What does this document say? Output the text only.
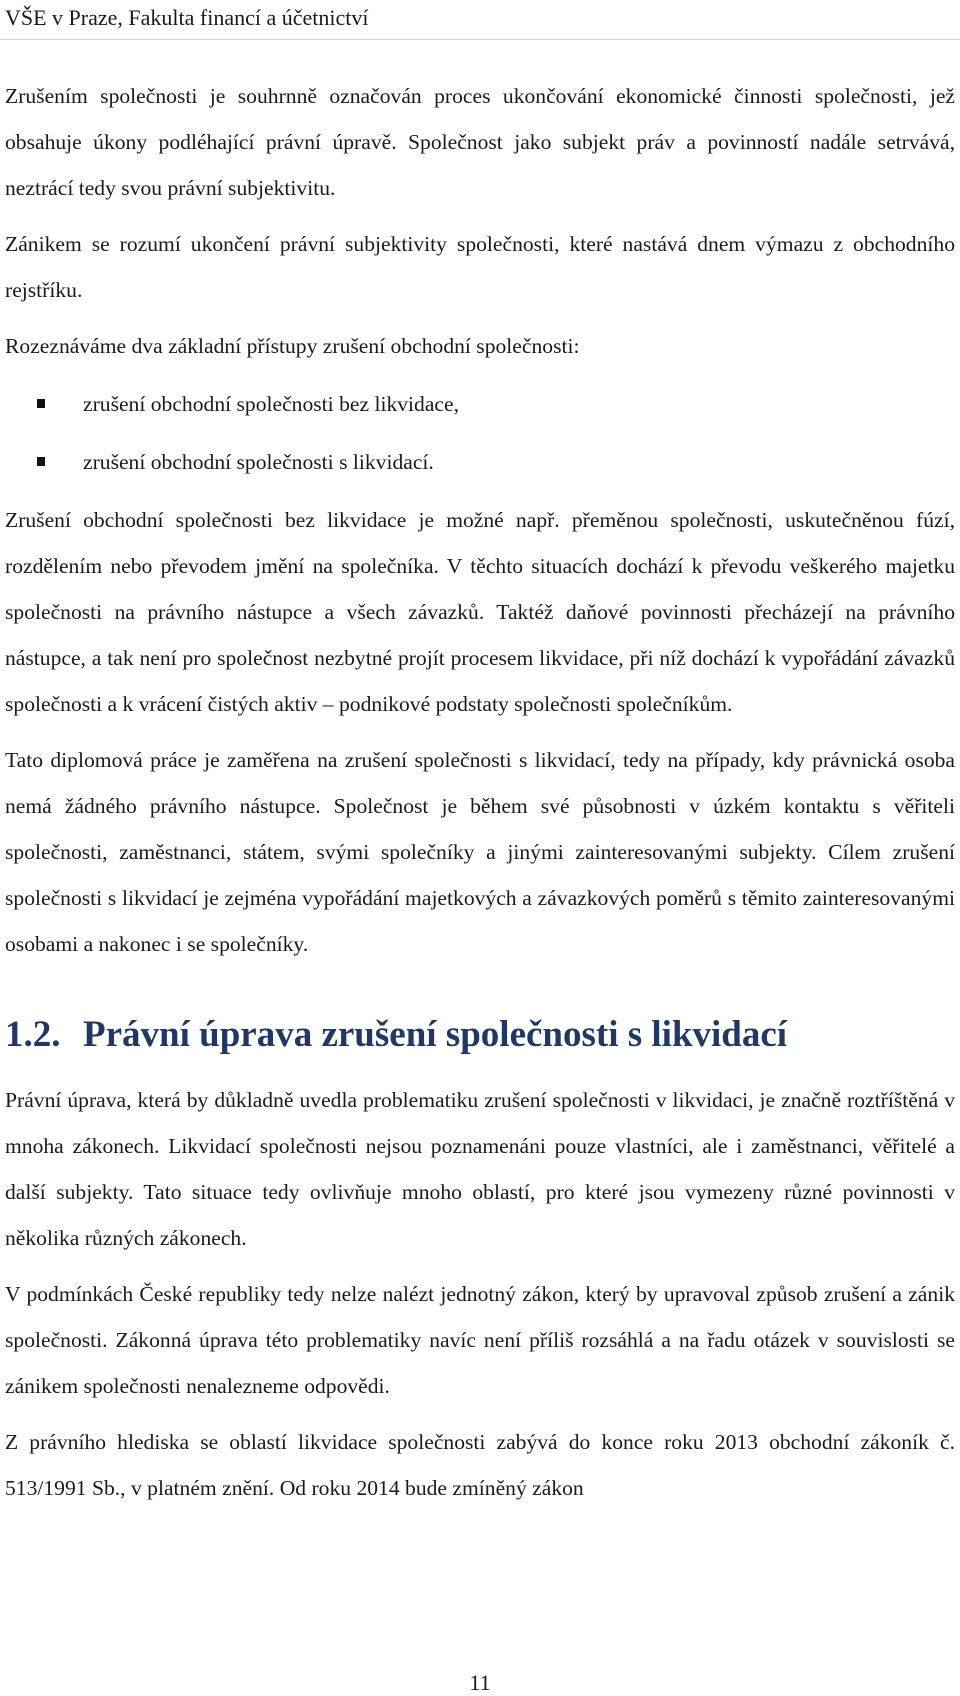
VŠE v Praze, Fakulta financí a účetnictví

Zrušením společnosti je souhrnně označován proces ukončování ekonomické činnosti společnosti, jež obsahuje úkony podléhající právní úpravě. Společnost jako subjekt práv a povinností nadále setrvává, neztrácí tedy svou právní subjektivitu.

Zánikem se rozumí ukončení právní subjektivity společnosti, které nastává dnem výmazu z obchodního rejstříku.

Rozeznáváme dva základní přístupy zrušení obchodní společnosti:

zrušení obchodní společnosti bez likvidace,
zrušení obchodní společnosti s likvidací.

Zrušení obchodní společnosti bez likvidace je možné např. přeměnou společnosti, uskutečněnou fúzí, rozdělením nebo převodem jmění na společníka. V těchto situacích dochází k převodu veškerého majetku společnosti na právního nástupce a všech závazků. Taktéž daňové povinnosti přecházejí na právního nástupce, a tak není pro společnost nezbytné projít procesem likvidace, při níž dochází k vypořádání závazků společnosti a k vrácení čistých aktiv – podnikové podstaty společnosti společníkům.

Tato diplomová práce je zaměřena na zrušení společnosti s likvidací, tedy na případy, kdy právnická osoba nemá žádného právního nástupce. Společnost je během své působnosti v úzkém kontaktu s věřiteli společnosti, zaměstnanci, státem, svými společníky a jinými zainteresovanými subjekty. Cílem zrušení společnosti s likvidací je zejména vypořádání majetkových a závazkových poměrů s těmito zainteresovanými osobami a nakonec i se společníky.

1.2. Právní úprava zrušení společnosti s likvidací

Právní úprava, která by důkladně uvedla problematiku zrušení společnosti v likvidaci, je značně roztříštěná v mnoha zákonech. Likvidací společnosti nejsou poznamenáni pouze vlastníci, ale i zaměstnanci, věřitelé a další subjekty. Tato situace tedy ovlivňuje mnoho oblastí, pro které jsou vymezeny různé povinnosti v několika různých zákonech.

V podmínkách České republiky tedy nelze nalézt jednotný zákon, který by upravoval způsob zrušení a zánik společnosti. Zákonná úprava této problematiky navíc není příliš rozsáhlá a na řadu otázek v souvislosti se zánikem společnosti nenalezneme odpovědi.

Z právního hlediska se oblastí likvidace společnosti zabývá do konce roku 2013 obchodní zákoník č. 513/1991 Sb., v platném znění. Od roku 2014 bude zmíněný zákon

11
